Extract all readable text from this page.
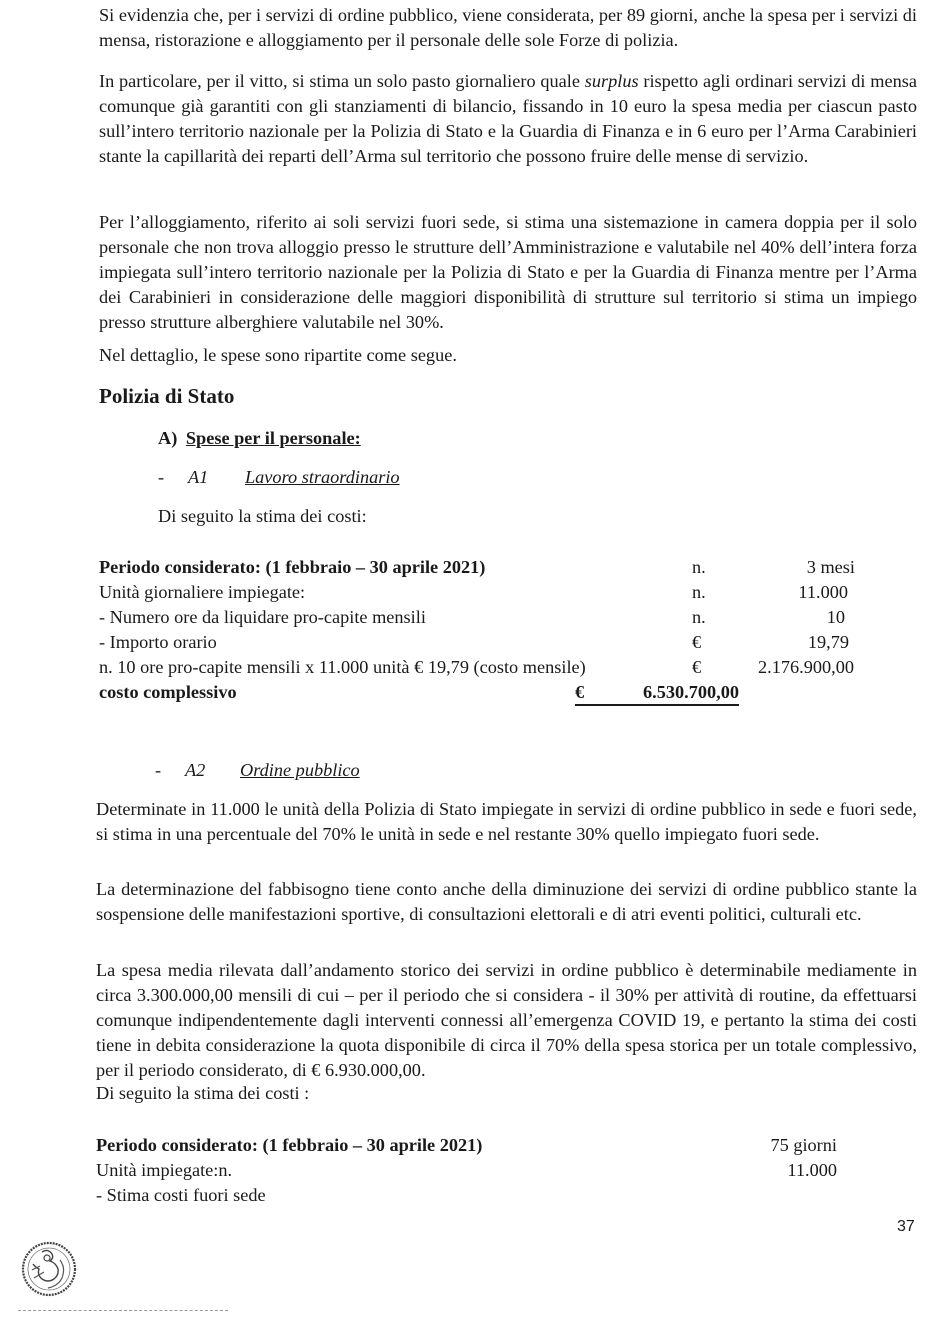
Si evidenzia che, per i servizi di ordine pubblico, viene considerata, per 89 giorni, anche la spesa per i servizi di mensa, ristorazione e alloggiamento per il personale delle sole Forze di polizia.
In particolare, per il vitto, si stima un solo pasto giornaliero quale surplus rispetto agli ordinari servizi di mensa comunque già garantiti con gli stanziamenti di bilancio, fissando in 10 euro la spesa media per ciascun pasto sull’intero territorio nazionale per la Polizia di Stato e la Guardia di Finanza e in 6 euro per l’Arma Carabinieri stante la capillarità dei reparti dell’Arma sul territorio che possono fruire delle mense di servizio.
Per l’alloggiamento, riferito ai soli servizi fuori sede, si stima una sistemazione in camera doppia per il solo personale che non trova alloggio presso le strutture dell’Amministrazione e valutabile nel 40% dell’intera forza impiegata sull’intero territorio nazionale per la Polizia di Stato e per la Guardia di Finanza mentre per l’Arma dei Carabinieri in considerazione delle maggiori disponibilità di strutture sul territorio si stima un impiego presso strutture alberghiere valutabile nel 30%.
Nel dettaglio, le spese sono ripartite come segue.
Polizia di Stato
A) Spese per il personale:
- A1 Lavoro straordinario
Di seguito la stima dei costi:
Periodo considerato: (1 febbraio – 30 aprile 2021)	n.	3 mesi
Unità giornaliere impiegate:	n.	11.000
- Numero ore da liquidare pro-capite mensili	n.	10
- Importo orario	€	19,79
n. 10 ore pro-capite mensili x 11.000 unità € 19,79 (costo mensile)	€	2.176.900,00
costo complessivo	€	6.530.700,00
- A2 Ordine pubblico
Determinate in 11.000 le unità della Polizia di Stato impiegate in servizi di ordine pubblico in sede e fuori sede, si stima in una percentuale del 70% le unità in sede e nel restante 30% quello impiegato fuori sede.
La determinazione del fabbisogno tiene conto anche della diminuzione dei servizi di ordine pubblico stante la sospensione delle manifestazioni sportive, di consultazioni elettorali e di atri eventi politici, culturali etc.
La spesa media rilevata dall’andamento storico dei servizi in ordine pubblico è determinabile mediamente in circa 3.300.000,00 mensili di cui – per il periodo che si considera - il 30% per attività di routine, da effettuarsi comunque indipendentemente dagli interventi connessi all’emergenza COVID 19, e pertanto la stima dei costi tiene in debita considerazione la quota disponibile di circa il 70% della spesa storica per un totale complessivo, per il periodo considerato, di € 6.930.000,00.
Di seguito la stima dei costi :
Periodo considerato: (1 febbraio – 30 aprile 2021)	75 giorni
Unità impiegate:n.	11.000
- Stima costi fuori sede
37
